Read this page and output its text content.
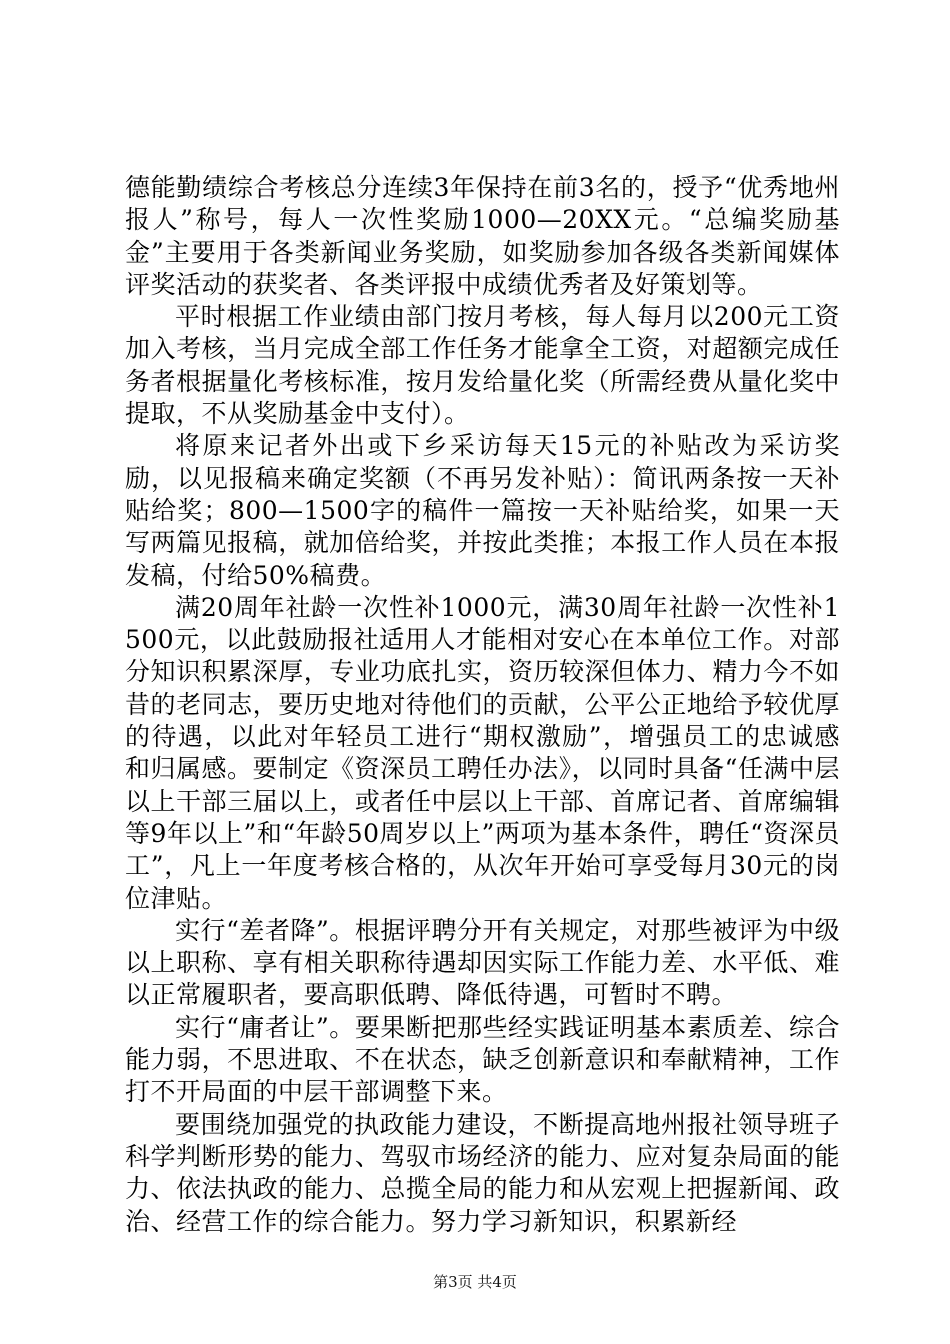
德能勤绩综合考核总分连续3年保持在前3名的，授予“优秀地州报人”称号，每人一次性奖励1000—20XX元。“总编奖励基金”主要用于各类新闻业务奖励，如奖励参加各级各类新闻媒体评奖活动的获奖者、各类评报中成绩优秀者及好策划等。

平时根据工作业绩由部门按月考核，每人每月以200元工资加入考核，当月完成全部工作任务才能拿全工资，对超额完成任务者根据量化考核标准，按月发给量化奖（所需经费从量化奖中提取，不从奖励基金中支付）。

将原来记者外出或下乡采访每天15元的补贴改为采访奖励，以见报稿来确定奖额（不再另发补贴）：简讯两条按一天补贴给奖；800—1500字的稿件一篇按一天补贴给奖，如果一天写两篇见报稿，就加倍给奖，并按此类推；本报工作人员在本报发稿，付给50%稿费。

满20周年社龄一次性补1000元，满30周年社龄一次性补1500元，以此鼓励报社适用人才能相对安心在本单位工作。对部分知识积累深厚，专业功底扎实，资历较深但体力、精力今不如昔的老同志，要历史地对待他们的贡献，公平公正地给予较优厚的待遇，以此对年轻员工进行“期权激励”，增强员工的忠诚感和归属感。要制定《资深员工聘任办法》，以同时具备“任满中层以上干部三届以上，或者任中层以上干部、首席记者、首席编辑等9年以上”和“年龄50周岁以上”两项为基本条件，聘任“资深员工”，凡上一年度考核合格的，从次年开始可享受每月30元的岗位津贴。

实行“差者降”。根据评聘分开有关规定，对那些被评为中级以上职称、享有相关职称待遇却因实际工作能力差、水平低、难以正常履职者，要高职低聘、降低待遇，可暂时不聘。

实行“庸者让”。要果断把那些经实践证明基本素质差、综合能力弱，不思进取、不在状态，缺乏创新意识和奉献精神，工作打不开局面的中层干部调整下来。

要围绕加强党的执政能力建设，不断提高地州报社领导班子科学判断形势的能力、驾驭市场经济的能力、应对复杂局面的能力、依法执政的能力、总揽全局的能力和从宏观上把握新闻、政治、经营工作的综合能力。努力学习新知识，积累新经

第3页 共4页
